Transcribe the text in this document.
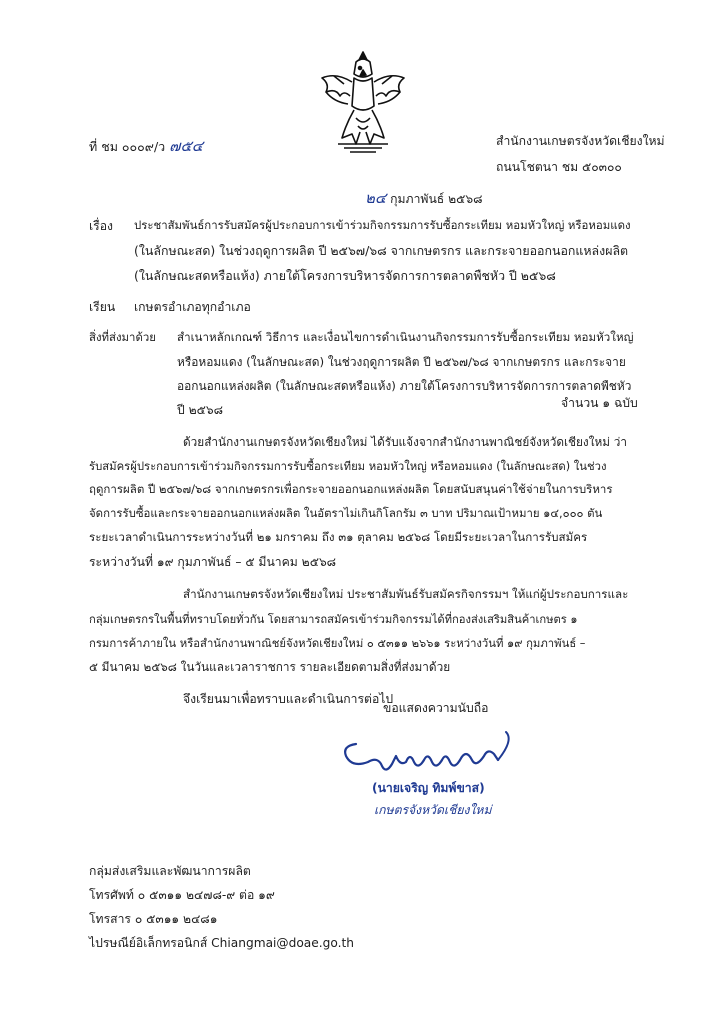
ที่ ชม ๐๐๐๙/ว ๗๕๔	สำนักงานเกษตรจังหวัดเชียงใหม่
ถนนโชตนา ชม ๕๐๓๐๐
๒๔ กุมภาพันธ์ ๒๕๖๘
เรื่อง ประชาสัมพันธ์การรับสมัครผู้ประกอบการเข้าร่วมกิจกรรมการรับซื้อกระเทียม หอมหัวใหญ่ หรือหอมแดง
(ในลักษณะสด) ในช่วงฤดูการผลิต ปี ๒๕๖๗/๖๘ จากเกษตรกร และกระจายออกนอกแหล่งผลิต
(ในลักษณะสดหรือแห้ง) ภายใต้โครงการบริหารจัดการการตลาดพืชหัว ปี ๒๕๖๘
เรียน เกษตรอำเภอทุกอำเภอ
สิ่งที่ส่งมาด้วย สำเนาหลักเกณฑ์ วิธีการ และเงื่อนไขการดำเนินงานกิจกรรมการรับซื้อกระเทียม หอมหัวใหญ่
หรือหอมแดง (ในลักษณะสด) ในช่วงฤดูการผลิต ปี ๒๕๖๗/๖๘ จากเกษตรกร และกระจาย
ออกนอกแหล่งผลิต (ในลักษณะสดหรือแห้ง) ภายใต้โครงการบริหารจัดการการตลาดพืชหัว
ปี ๒๕๖๘	จำนวน ๑ ฉบับ
ด้วยสำนักงานเกษตรจังหวัดเชียงใหม่ ได้รับแจ้งจากสำนักงานพาณิชย์จังหวัดเชียงใหม่ ว่า
รับสมัครผู้ประกอบการเข้าร่วมกิจกรรมการรับซื้อกระเทียม หอมหัวใหญ่ หรือหอมแดง (ในลักษณะสด) ในช่วง
ฤดูการผลิต ปี ๒๕๖๗/๖๘ จากเกษตรกรเพื่อกระจายออกนอกแหล่งผลิต โดยสนับสนุนค่าใช้จ่ายในการบริหาร
จัดการรับซื้อและกระจายออกนอกแหล่งผลิต ในอัตราไม่เกินกิโลกรัม ๓ บาท ปริมาณเป้าหมาย ๑๔,๐๐๐ ตัน
ระยะเวลาดำเนินการระหว่างวันที่ ๒๑ มกราคม ถึง ๓๑ ตุลาคม ๒๕๖๘ โดยมีระยะเวลาในการรับสมัคร
ระหว่างวันที่ ๑๙ กุมภาพันธ์ – ๕ มีนาคม ๒๕๖๘
สำนักงานเกษตรจังหวัดเชียงใหม่ ประชาสัมพันธ์รับสมัครกิจกรรมฯ ให้แก่ผู้ประกอบการและ
กลุ่มเกษตรกรในพื้นที่ทราบโดยทั่วกัน โดยสามารถสมัครเข้าร่วมกิจกรรมได้ที่กองส่งเสริมสินค้าเกษตร ๑
กรมการค้าภายใน หรือสำนักงานพาณิชย์จังหวัดเชียงใหม่ ๐ ๕๓๑๑ ๒๖๖๑ ระหว่างวันที่ ๑๙ กุมภาพันธ์ –
๕ มีนาคม ๒๕๖๘ ในวันและเวลาราชการ รายละเอียดตามสิ่งที่ส่งมาด้วย
จึงเรียนมาเพื่อทราบและดำเนินการต่อไป
ขอแสดงความนับถือ
(นายเจริญ ทิมพ์ขาส)
เกษตรจังหวัดเชียงใหม่
กลุ่มส่งเสริมและพัฒนาการผลิต
โทรศัพท์ ๐ ๕๓๑๑ ๒๔๗๘-๙ ต่อ ๑๙
โทรสาร ๐ ๕๓๑๑ ๒๔๘๑
ไปรษณีย์อิเล็กทรอนิกส์ Chiangmai@doae.go.th
